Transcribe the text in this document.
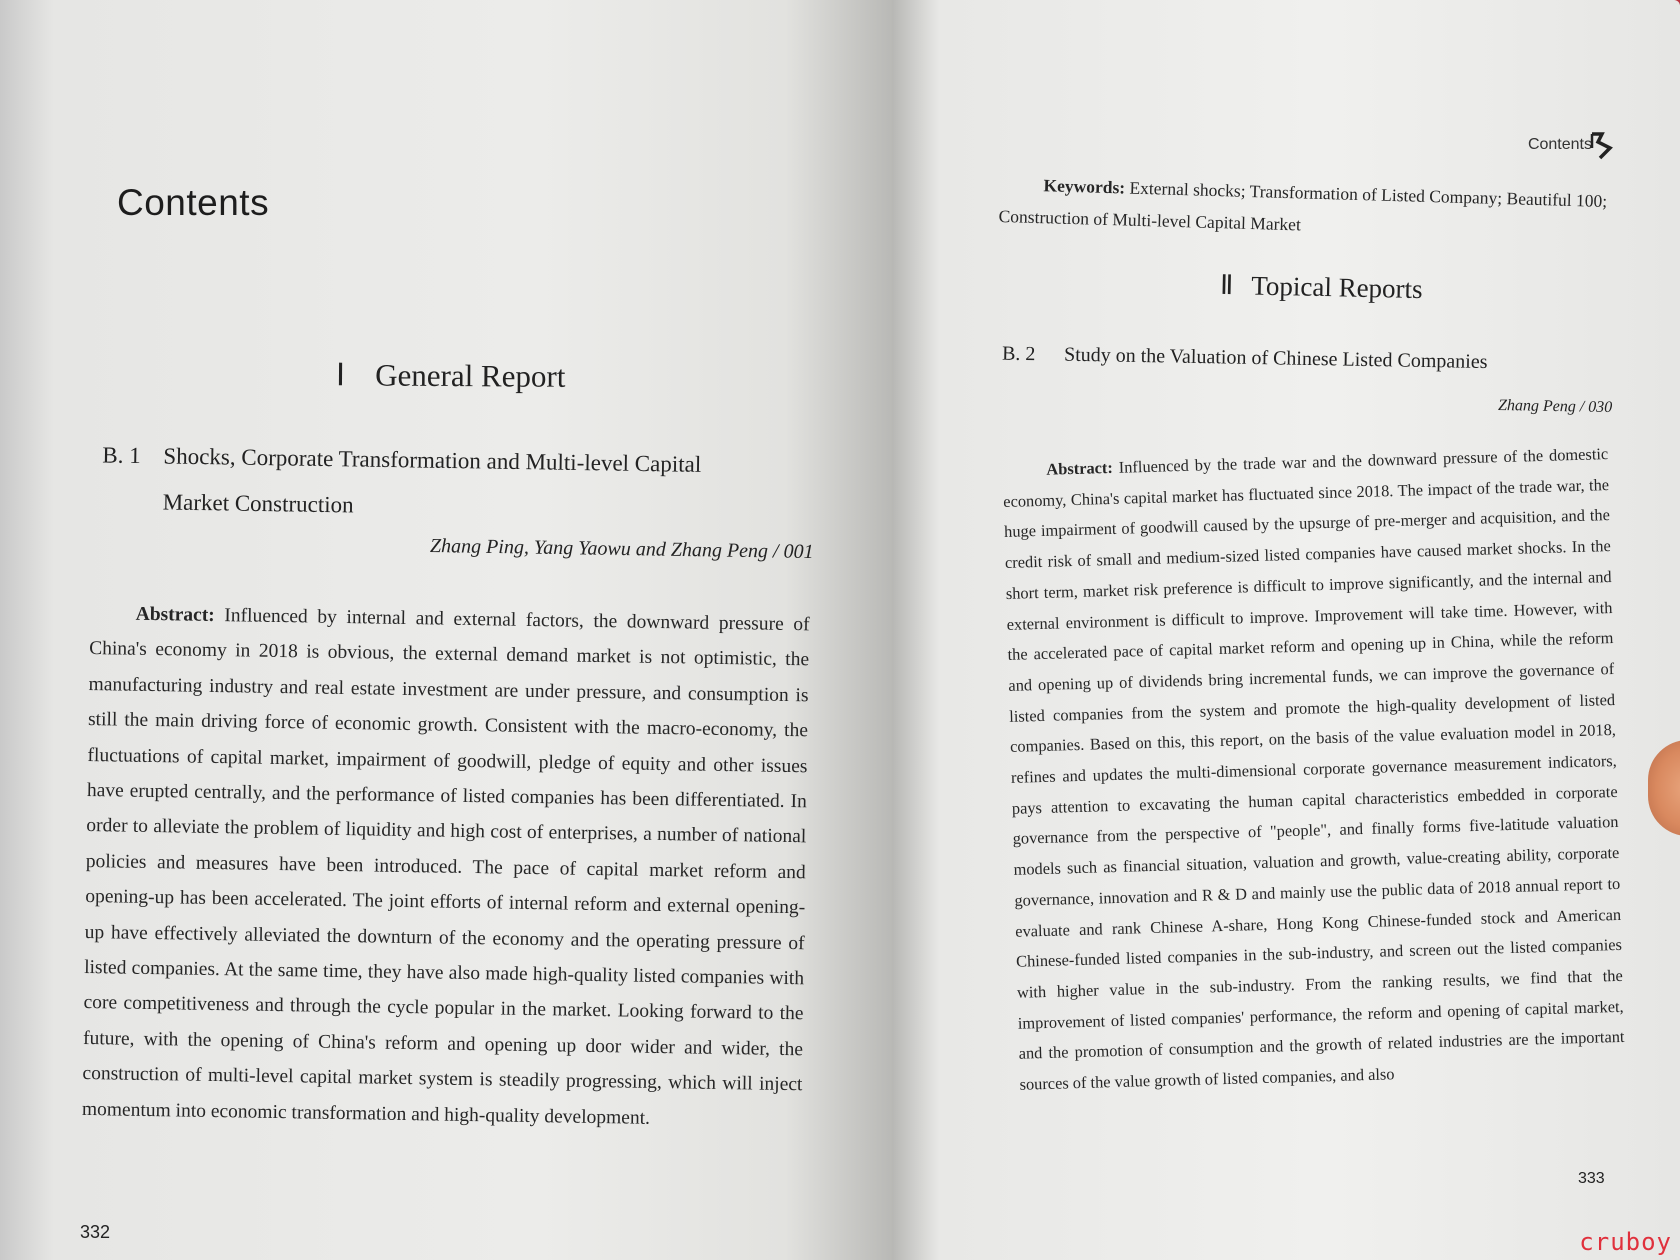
Contents
Ⅰ General Report
B. 1 Shocks, Corporate Transformation and Multi-level Capital
Market Construction
Zhang Ping, Yang Yaowu and Zhang Peng / 001
Abstract: Influenced by internal and external factors, the downward pressure of China's economy in 2018 is obvious, the external demand market is not optimistic, the manufacturing industry and real estate investment are under pressure, and consumption is still the main driving force of economic growth. Consistent with the macro-economy, the fluctuations of capital market, impairment of goodwill, pledge of equity and other issues have erupted centrally, and the performance of listed companies has been differentiated. In order to alleviate the problem of liquidity and high cost of enterprises, a number of national policies and measures have been introduced. The pace of capital market reform and opening-up has been accelerated. The joint efforts of internal reform and external opening-up have effectively alleviated the downturn of the economy and the operating pressure of listed companies. At the same time, they have also made high-quality listed companies with core competitiveness and through the cycle popular in the market. Looking forward to the future, with the opening of China's reform and opening up door wider and wider, the construction of multi-level capital market system is steadily progressing, which will inject momentum into economic transformation and high-quality development.
332
Contents
Keywords: External shocks; Transformation of Listed Company; Beautiful 100; Construction of Multi-level Capital Market
Ⅱ Topical Reports
B. 2 Study on the Valuation of Chinese Listed Companies
Zhang Peng / 030
Abstract: Influenced by the trade war and the downward pressure of the domestic economy, China's capital market has fluctuated since 2018. The impact of the trade war, the huge impairment of goodwill caused by the upsurge of pre-merger and acquisition, and the credit risk of small and medium-sized listed companies have caused market shocks. In the short term, market risk preference is difficult to improve significantly, and the internal and external environment is difficult to improve. Improvement will take time. However, with the accelerated pace of capital market reform and opening up in China, while the reform and opening up of dividends bring incremental funds, we can improve the governance of listed companies from the system and promote the high-quality development of listed companies. Based on this, this report, on the basis of the value evaluation model in 2018, refines and updates the multi-dimensional corporate governance measurement indicators, pays attention to excavating the human capital characteristics embedded in corporate governance from the perspective of "people", and finally forms five-latitude valuation models such as financial situation, valuation and growth, value-creating ability, corporate governance, innovation and R & D and mainly use the public data of 2018 annual report to evaluate and rank Chinese A-share, Hong Kong Chinese-funded stock and American Chinese-funded listed companies in the sub-industry, and screen out the listed companies with higher value in the sub-industry. From the ranking results, we find that the improvement of listed companies' performance, the reform and opening of capital market, and the promotion of consumption and the growth of related industries are the important sources of the value growth of listed companies, and also
333
cruboy
